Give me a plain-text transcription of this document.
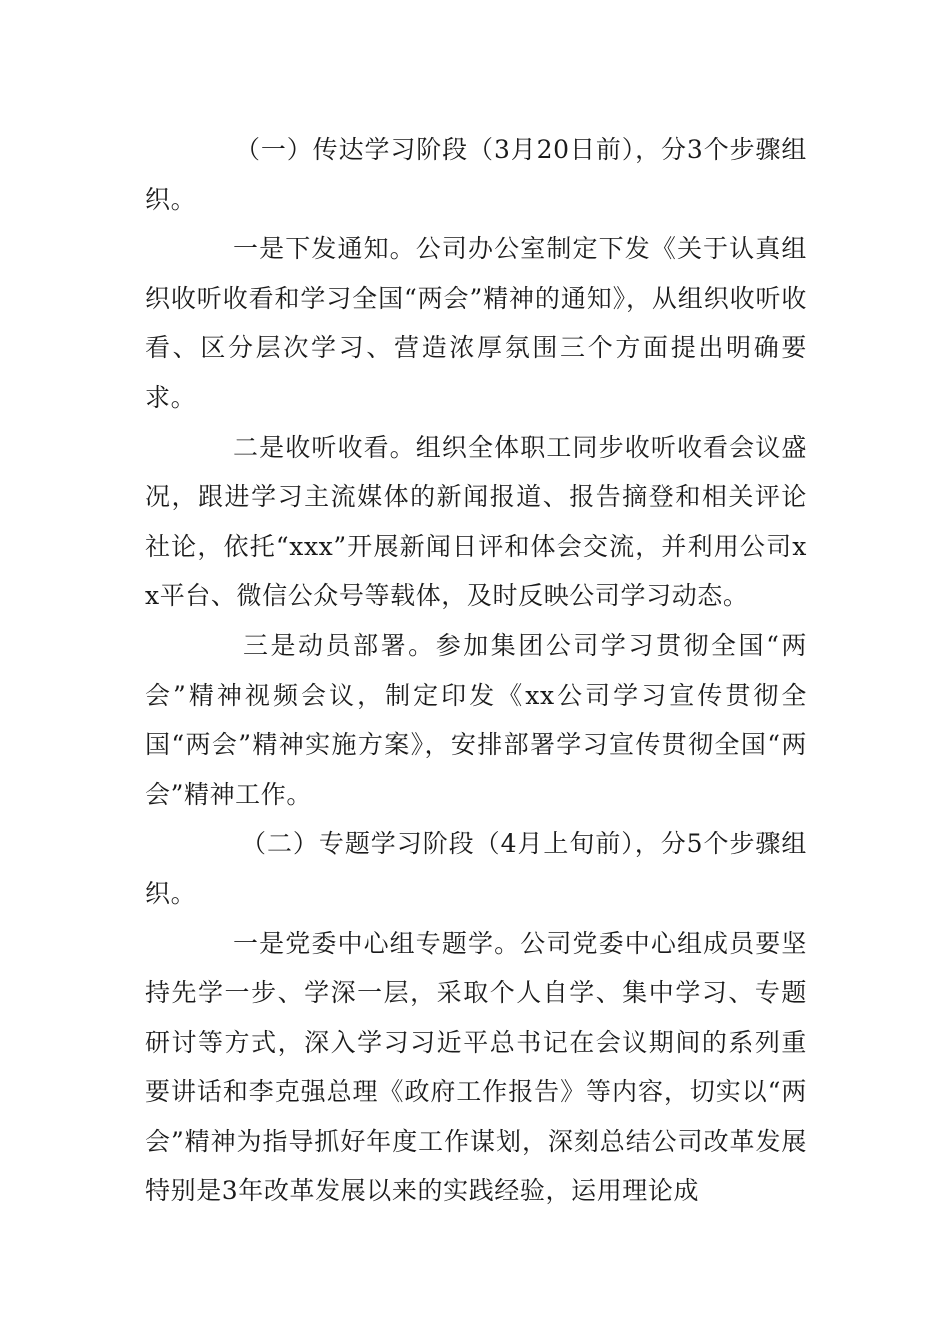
（一）传达学习阶段（3月20日前），分3个步骤组织。

一是下发通知。公司办公室制定下发《关于认真组织收听收看和学习全国“两会”精神的通知》，从组织收听收看、区分层次学习、营造浓厚氛围三个方面提出明确要求。

二是收听收看。组织全体职工同步收听收看会议盛况，跟进学习主流媒体的新闻报道、报告摘登和相关评论社论，依托“xxx”开展新闻日评和体会交流，并利用公司xx平台、微信公众号等载体，及时反映公司学习动态。

三是动员部署。参加集团公司学习贯彻全国“两会”精神视频会议，制定印发《xx公司学习宣传贯彻全国“两会”精神实施方案》，安排部署学习宣传贯彻全国“两会”精神工作。

（二）专题学习阶段（4月上旬前），分5个步骤组织。

一是党委中心组专题学。公司党委中心组成员要坚持先学一步、学深一层，采取个人自学、集中学习、专题研讨等方式，深入学习习近平总书记在会议期间的系列重要讲话和李克强总理《政府工作报告》等内容，切实以“两会”精神为指导抓好年度工作谋划，深刻总结公司改革发展特别是3年改革发展以来的实践经验，运用理论成
